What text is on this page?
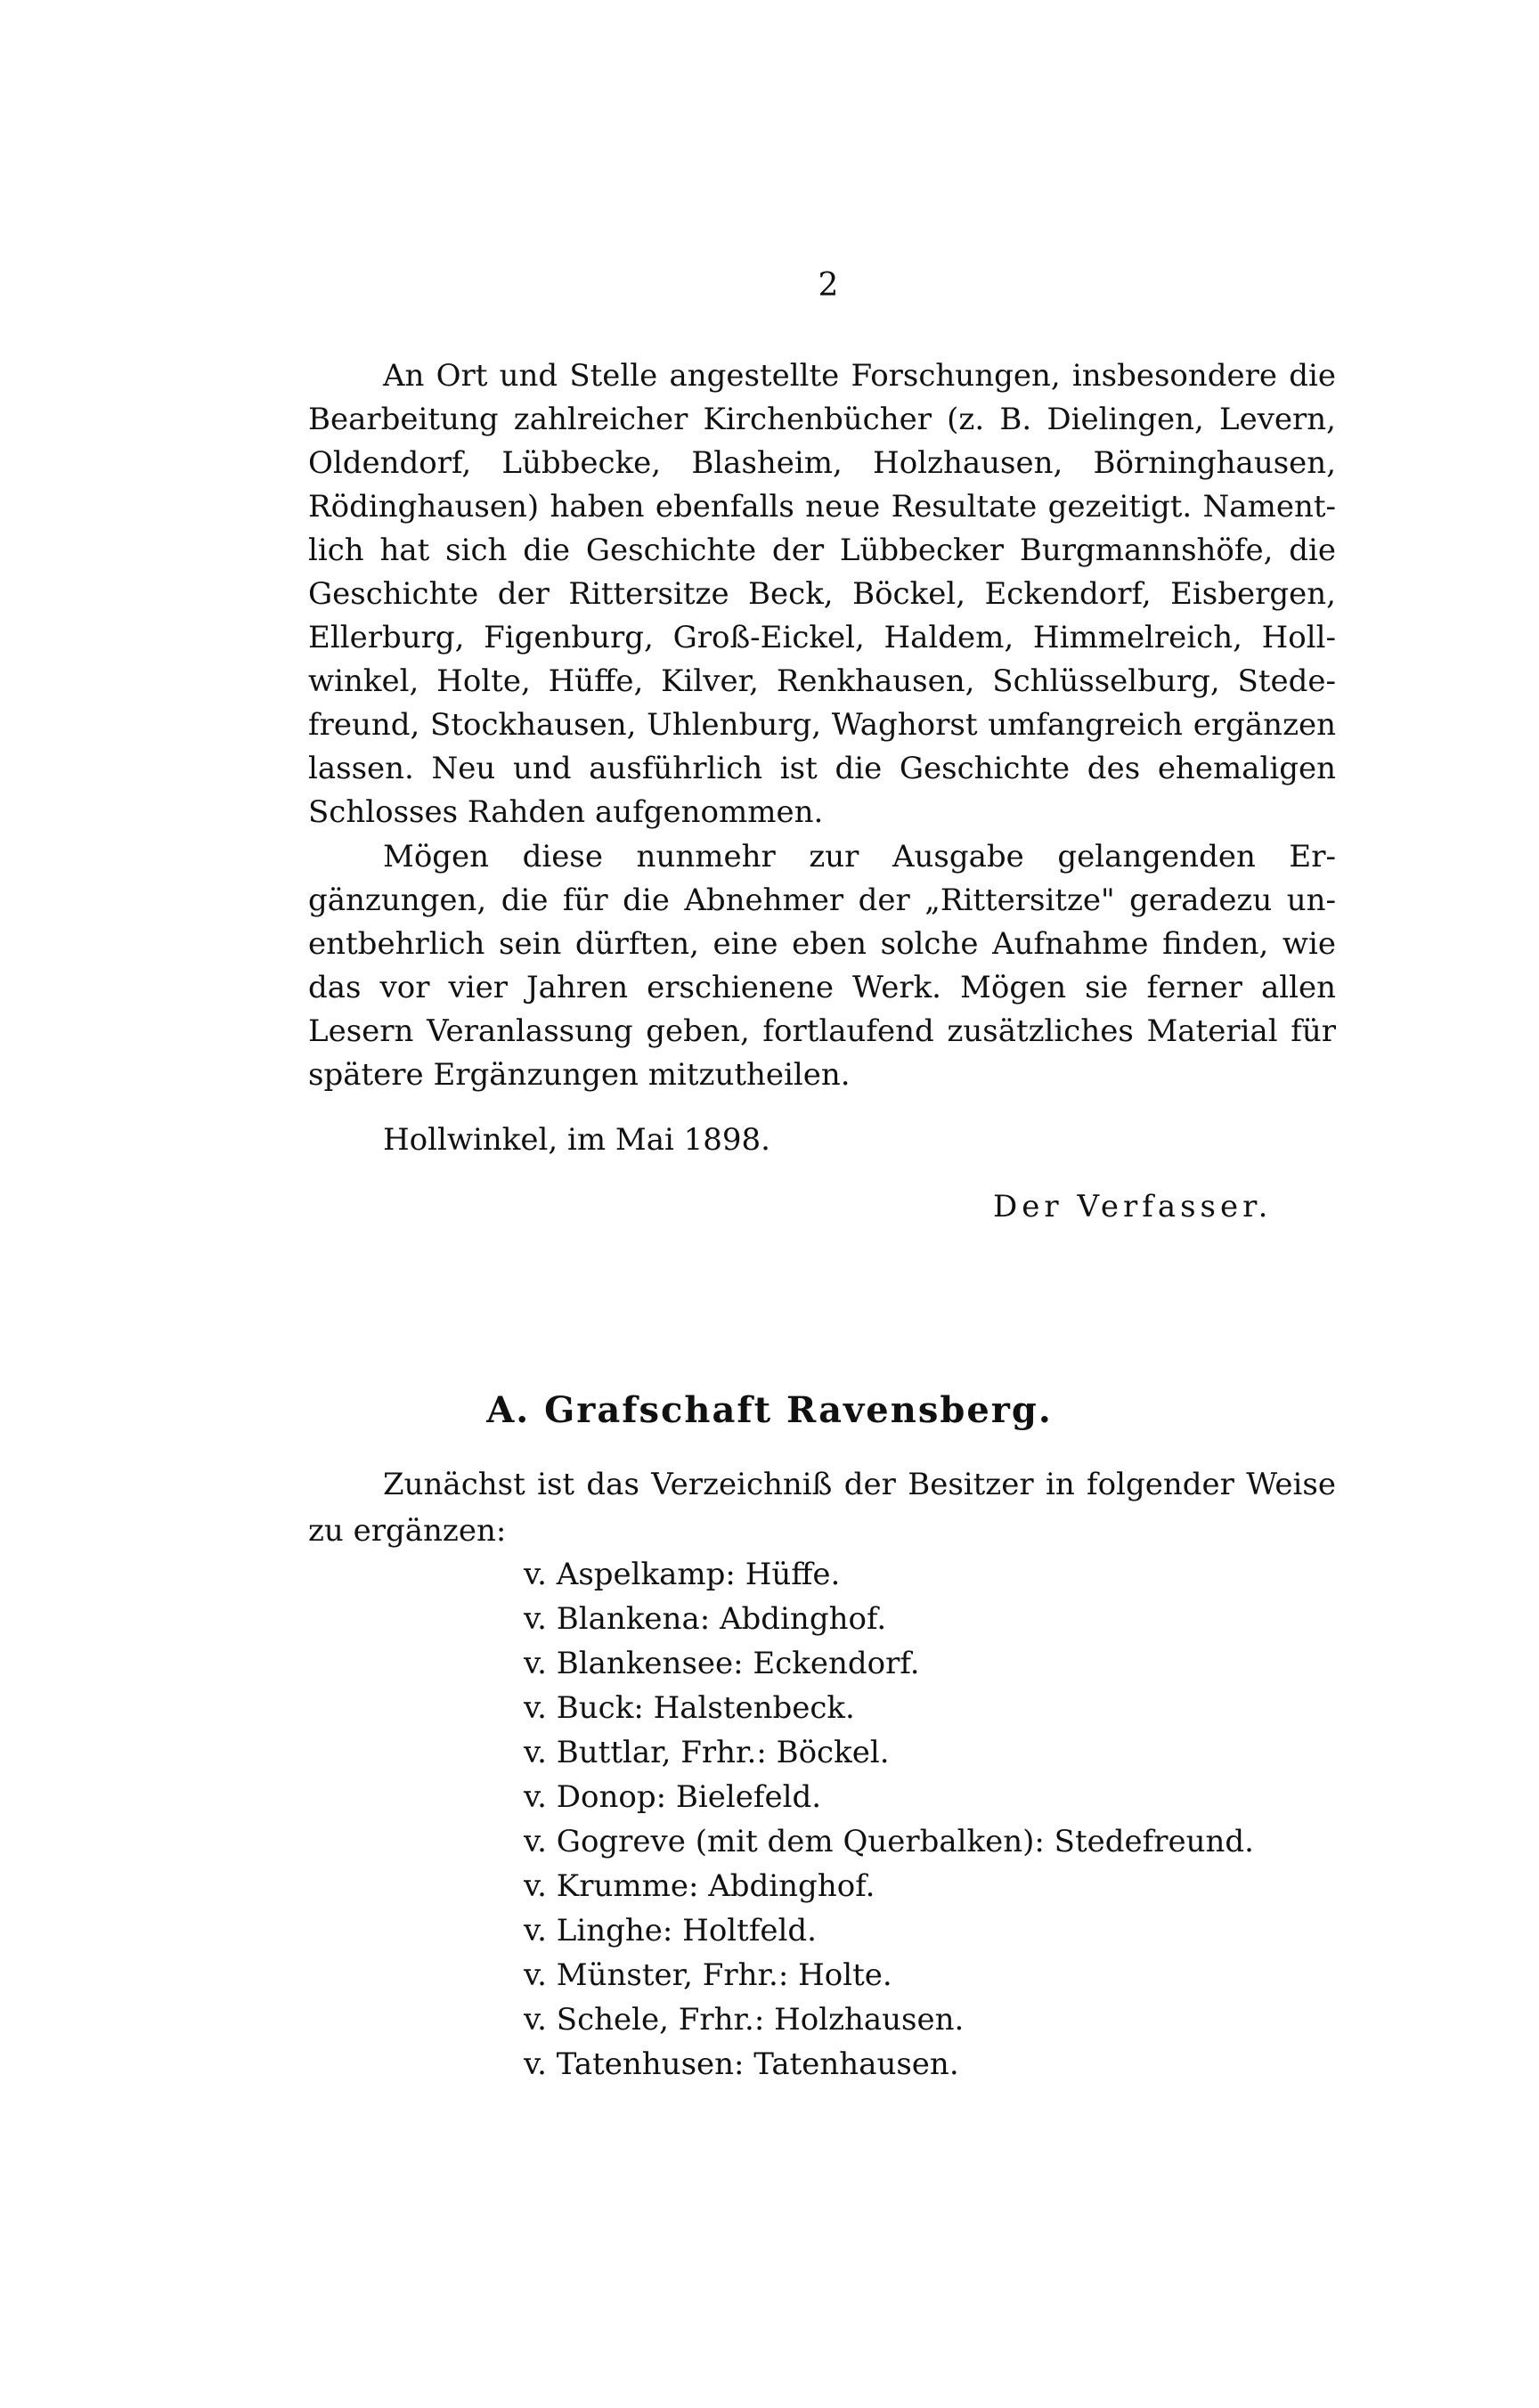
2
An Ort und Stelle angestellte Forschungen, insbesondere die
Bearbeitung zahlreicher Kirchenbücher (z. B. Dielingen, Levern,
Oldendorf, Lübbecke, Blasheim, Holzhausen, Börninghausen,
Rödinghausen) haben ebenfalls neue Resultate gezeitigt. Nament-
lich hat sich die Geschichte der Lübbecker Burgmannshöfe, die
Geschichte der Rittersitze Beck, Böckel, Eckendorf, Eisbergen,
Ellerburg, Figenburg, Groß-Eickel, Haldem, Himmelreich, Holl-
winkel, Holte, Hüffe, Kilver, Renkhausen, Schlüsselburg, Stede-
freund, Stockhausen, Uhlenburg, Waghorst umfangreich ergänzen
lassen. Neu und ausführlich ist die Geschichte des ehemaligen
Schlosses Rahden aufgenommen.
Mögen diese nunmehr zur Ausgabe gelangenden Er-
gänzungen, die für die Abnehmer der „Rittersitze" geradezu un-
entbehrlich sein dürften, eine eben solche Aufnahme finden, wie
das vor vier Jahren erschienene Werk. Mögen sie ferner allen
Lesern Veranlassung geben, fortlaufend zusätzliches Material für
spätere Ergänzungen mitzutheilen.
Hollwinkel, im Mai 1898.
Der Verfasser.
A. Grafschaft Ravensberg.
Zunächst ist das Verzeichniß der Besitzer in folgender Weise
zu ergänzen:
v. Aspelkamp: Hüffe.
v. Blankena: Abdinghof.
v. Blankensee: Eckendorf.
v. Buck: Halstenbeck.
v. Buttlar, Frhr.: Böckel.
v. Donop: Bielefeld.
v. Gogreve (mit dem Querbalken): Stedefreund.
v. Krumme: Abdinghof.
v. Linghe: Holtfeld.
v. Münster, Frhr.: Holte.
v. Schele, Frhr.: Holzhausen.
v. Tatenhusen: Tatenhausen.
